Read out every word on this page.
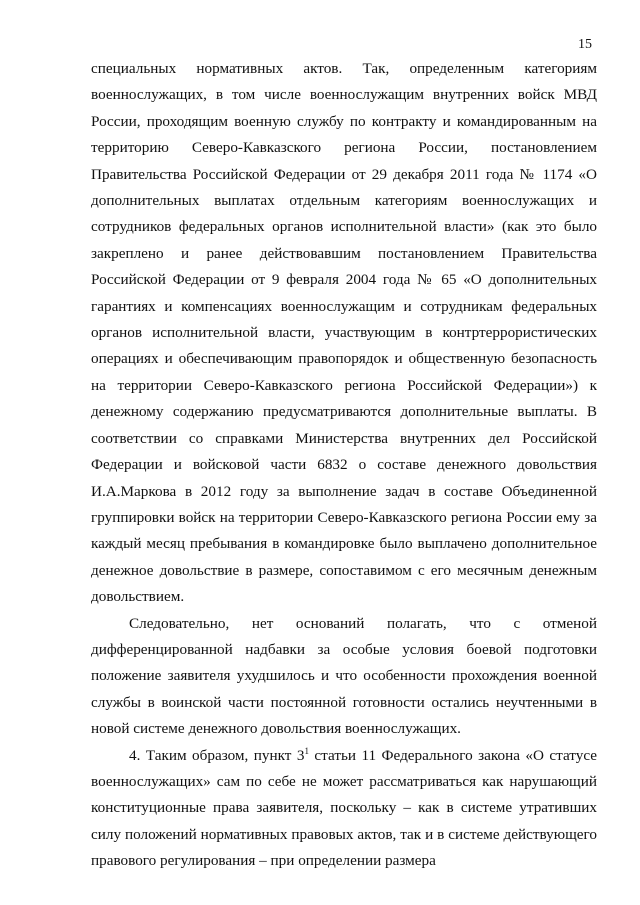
15

специальных нормативных актов. Так, определенным категориям военнослужащих, в том числе военнослужащим внутренних войск МВД России, проходящим военную службу по контракту и командированным на территорию Северо-Кавказского региона России, постановлением Правительства Российской Федерации от 29 декабря 2011 года № 1174 «О дополнительных выплатах отдельным категориям военнослужащих и сотрудников федеральных органов исполнительной власти» (как это было закреплено и ранее действовавшим постановлением Правительства Российской Федерации от 9 февраля 2004 года № 65 «О дополнительных гарантиях и компенсациях военнослужащим и сотрудникам федеральных органов исполнительной власти, участвующим в контртеррористических операциях и обеспечивающим правопорядок и общественную безопасность на территории Северо-Кавказского региона Российской Федерации») к денежному содержанию предусматриваются дополнительные выплаты. В соответствии со справками Министерства внутренних дел Российской Федерации и войсковой части 6832 о составе денежного довольствия И.А.Маркова в 2012 году за выполнение задач в составе Объединенной группировки войск на территории Северо-Кавказского региона России ему за каждый месяц пребывания в командировке было выплачено дополнительное денежное довольствие в размере, сопоставимом с его месячным денежным довольствием.

Следовательно, нет оснований полагать, что с отменой дифференцированной надбавки за особые условия боевой подготовки положение заявителя ухудшилось и что особенности прохождения военной службы в воинской части постоянной готовности остались неучтенными в новой системе денежного довольствия военнослужащих.

4. Таким образом, пункт $3^1$ статьи 11 Федерального закона «О статусе военнослужащих» сам по себе не может рассматриваться как нарушающий конституционные права заявителя, поскольку – как в системе утративших силу положений нормативных правовых актов, так и в системе действующего правового регулирования – при определении размера
